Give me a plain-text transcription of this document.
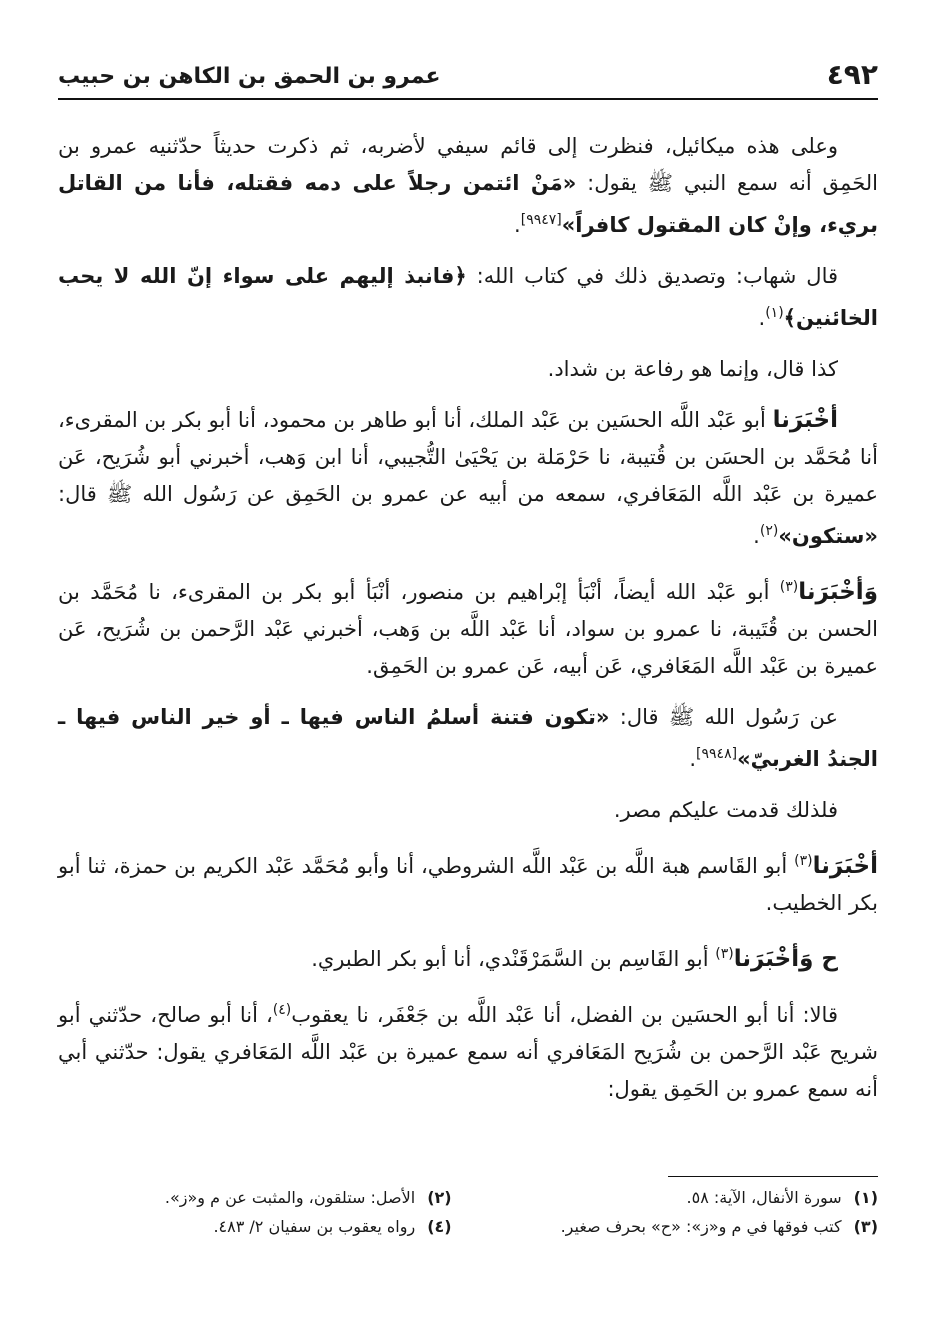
٤٩٢
عمرو بن الحمق بن الكاهن بن حبيب

وعلى هذه ميكائيل، فنظرت إلى قائم سيفي لأضربه، ثم ذكرت حديثاً حدّثنيه عمرو بن الحَمِق أنه سمع النبي ﷺ يقول: «مَنْ ائتمن رجلاً على دمه فقتله، فأنا من القاتل بريء، وإنْ كان المقتول كافراً»[٩٩٤٧].

قال شهاب: وتصديق ذلك في كتاب الله: ﴿فانبذ إليهم على سواء إنّ الله لا يحب الخائنين﴾$^{(١)}$.

كذا قال، وإنما هو رفاعة بن شداد.

أخْبَرَنا أبو عَبْد اللَّه الحسَين بن عَبْد الملك، أنا أبو طاهر بن محمود، أنا أبو بكر بن المقرىء، أنا مُحَمَّد بن الحسَن بن قُتيبة، نا حَرْمَلة بن يَحْيَىٰ التُّجيبي، أنا ابن وَهب، أخبرني أبو شُرَيح، عَن عميرة بن عَبْد اللَّه المَعَافري، سمعه من أبيه عن عمرو بن الحَمِق عن رَسُول الله ﷺ قال: «ستكون»$^{(٢)}$.

وَأخْبَرَنا$^{(٣)}$ أبو عَبْد الله أيضاً، أنْبَأ إبْراهيم بن منصور، أنْبَأ أبو بكر بن المقرىء، نا مُحَمَّد بن الحسن بن قُتَيبة، نا عمرو بن سواد، أنا عَبْد اللَّه بن وَهب، أخبرني عَبْد الرَّحمن بن شُرَيح، عَن عميرة بن عَبْد اللَّه المَعَافري، عَن أبيه، عَن عمرو بن الحَمِق.

عن رَسُول الله ﷺ قال: «تكون فتنة أسلمُ الناس فيها ـ أو خير الناس فيها ـ الجندُ الغربيّ»[٩٩٤٨].

فلذلك قدمت عليكم مصر.

أخْبَرَنا$^{(٣)}$ أبو القَاسم هبة اللَّه بن عَبْد اللَّه الشروطي، أنا وأبو مُحَمَّد عَبْد الكريم بن حمزة، ثنا أبو بكر الخطيب.

ح وَأخْبَرَنا$^{(٣)}$ أبو القَاسِم بن السَّمَرْقَنْدي، أنا أبو بكر الطبري.

قالا: أنا أبو الحسَين بن الفضل، أنا عَبْد اللَّه بن جَعْفَر، نا يعقوب$^{(٤)}$، أنا أبو صالح، حدّثني أبو شريح عَبْد الرَّحمن بن شُرَيح المَعَافري أنه سمع عميرة بن عَبْد اللَّه المَعَافري يقول: حدّثني أبي أنه سمع عمرو بن الحَمِق يقول:

(١)سورة الأنفال، الآية: ٥٨.
(٢)الأصل: ستلقون، والمثبت عن م و«ز».
(٣)كتب فوقها في م و«ز»: «ح» بحرف صغير.
(٤)رواه يعقوب بن سفيان ٢/ ٤٨٣.
